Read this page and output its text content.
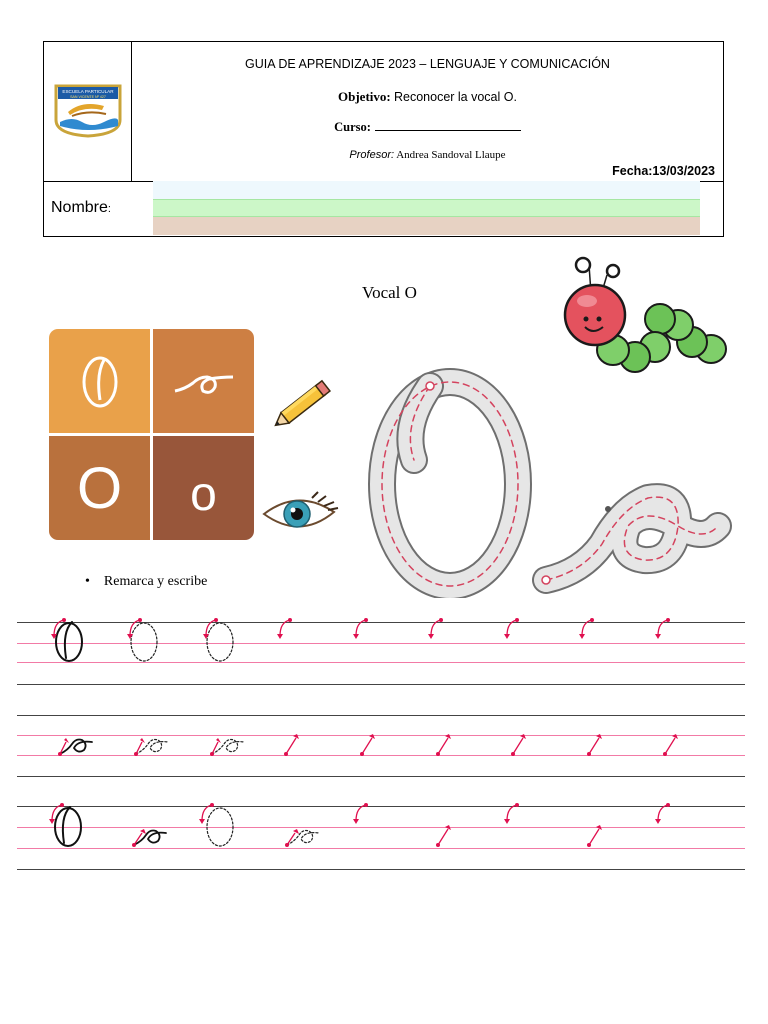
ESCUELA PARTICULAR
SAN VICENTE Nº 427
GUIA DE APRENDIZAJE 2023 – LENGUAJE Y COMUNICACIÓN
Objetivo: Reconocer la vocal O.
Curso:
Profesor: Andrea Sandoval Llaupe
Fecha:13/03/2023
Nombre:
Vocal O
O	o
• Remarca y escribe
